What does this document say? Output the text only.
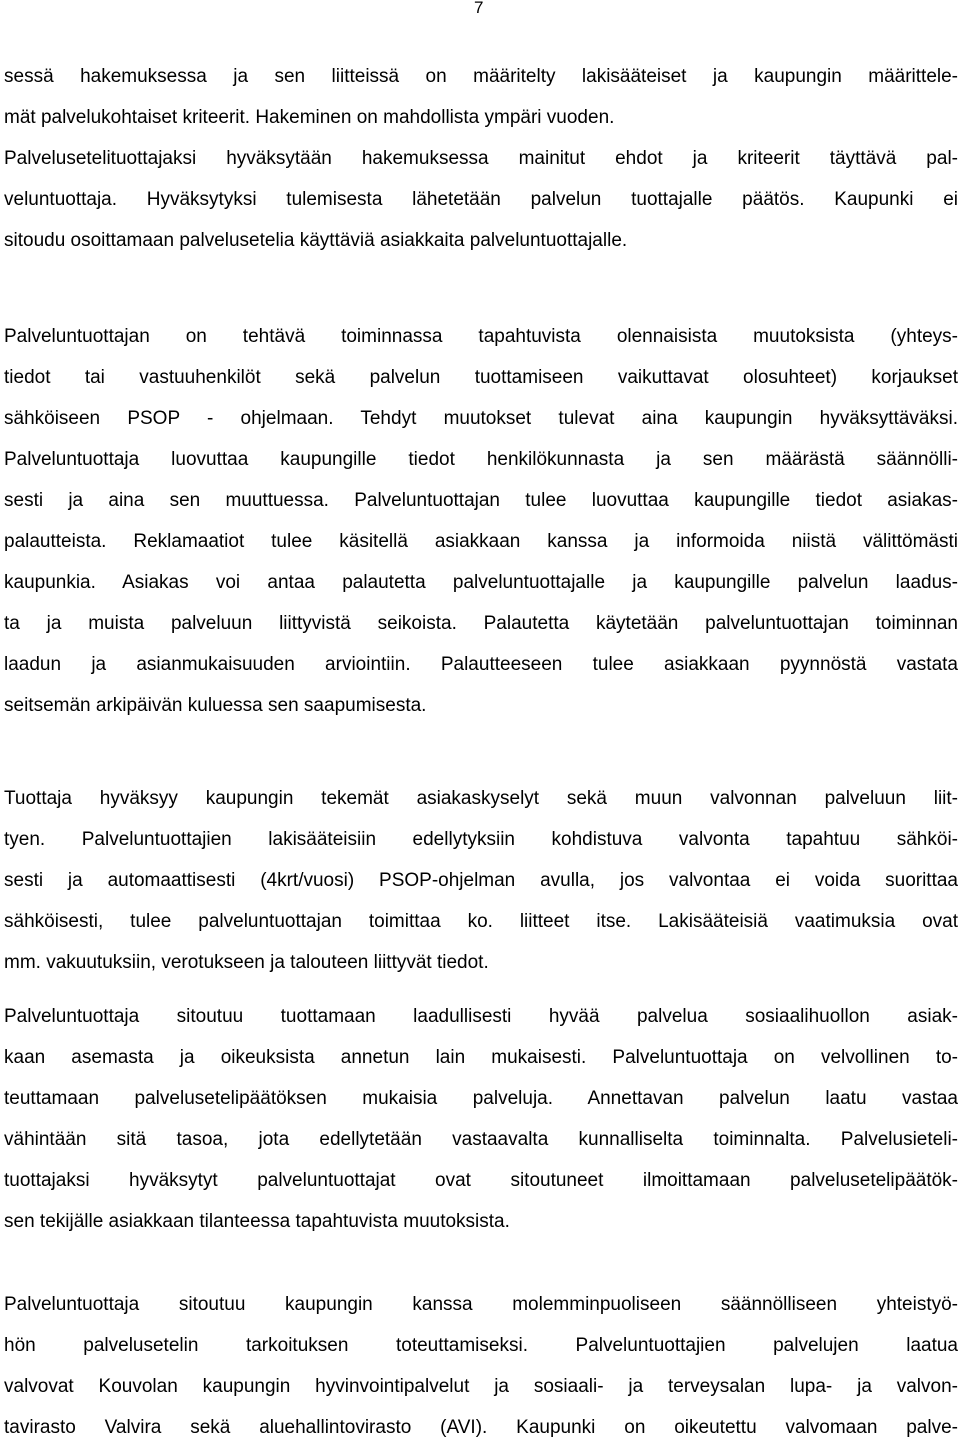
7
sessä hakemuksessa ja sen liitteissä on määritelty lakisääteiset ja kaupungin määrittele-
mät palvelukohtaiset kriteerit. Hakeminen on mahdollista ympäri vuoden.
Palvelusetelituottajaksi hyväksytään hakemuksessa mainitut ehdot ja kriteerit täyttävä pal-
veluntuottaja. Hyväksytyksi tulemisesta lähetetään palvelun tuottajalle päätös. Kaupunki ei
sitoudu osoittamaan palvelusetelia käyttäviä asiakkaita palveluntuottajalle.
Palveluntuottajan on tehtävä toiminnassa tapahtuvista olennaisista muutoksista (yhteys-
tiedot tai vastuuhenkilöt sekä palvelun tuottamiseen vaikuttavat olosuhteet) korjaukset
sähköiseen PSOP - ohjelmaan. Tehdyt muutokset tulevat aina kaupungin hyväksyttäväksi.
Palveluntuottaja luovuttaa kaupungille tiedot henkilökunnasta ja sen määrästä säännölli-
sesti ja aina sen muuttuessa. Palveluntuottajan tulee luovuttaa kaupungille tiedot asiakas-
palautteista. Reklamaatiot tulee käsitellä asiakkaan kanssa ja informoida niistä välittömästi
kaupunkia. Asiakas voi antaa palautetta palveluntuottajalle ja kaupungille palvelun laadus-
ta ja muista palveluun liittyvistä seikoista. Palautetta käytetään palveluntuottajan toiminnan
laadun ja asianmukaisuuden arviointiin. Palautteeseen tulee asiakkaan pyynnöstä vastata
seitsemän arkipäivän kuluessa sen saapumisesta.
Tuottaja hyväksyy kaupungin tekemät asiakaskyselyt sekä muun valvonnan palveluun liit-
tyen. Palveluntuottajien lakisääteisiin edellytyksiin kohdistuva valvonta tapahtuu sähköi-
sesti ja automaattisesti (4krt/vuosi) PSOP-ohjelman avulla, jos valvontaa ei voida suorittaa
sähköisesti, tulee palveluntuottajan toimittaa ko. liitteet itse. Lakisääteisiä vaatimuksia ovat
mm. vakuutuksiin, verotukseen ja talouteen liittyvät tiedot.
Palveluntuottaja sitoutuu tuottamaan laadullisesti hyvää palvelua sosiaalihuollon asiak-
kaan asemasta ja oikeuksista annetun lain mukaisesti. Palveluntuottaja on velvollinen to-
teuttamaan palvelusetelipäätöksen mukaisia palveluja. Annettavan palvelun laatu vastaa
vähintään sitä tasoa, jota edellytetään vastaavalta kunnalliselta toiminnalta. Palvelusieteli-
tuottajaksi hyväksytyt palveluntuottajat ovat sitoutuneet ilmoittamaan palvelusetelipäätök-
sen tekijälle asiakkaan tilanteessa tapahtuvista muutoksista.
Palveluntuottaja sitoutuu kaupungin kanssa molemminpuoliseen säännölliseen yhteistyö-
hön palvelusetelin tarkoituksen toteuttamiseksi. Palveluntuottajien palvelujen laatua
valvovat Kouvolan kaupungin hyvinvointipalvelut ja sosiaali- ja terveysalan lupa- ja valvon-
tavirasto Valvira sekä aluehallintovirasto (AVI). Kaupunki on oikeutettu valvomaan palve-
